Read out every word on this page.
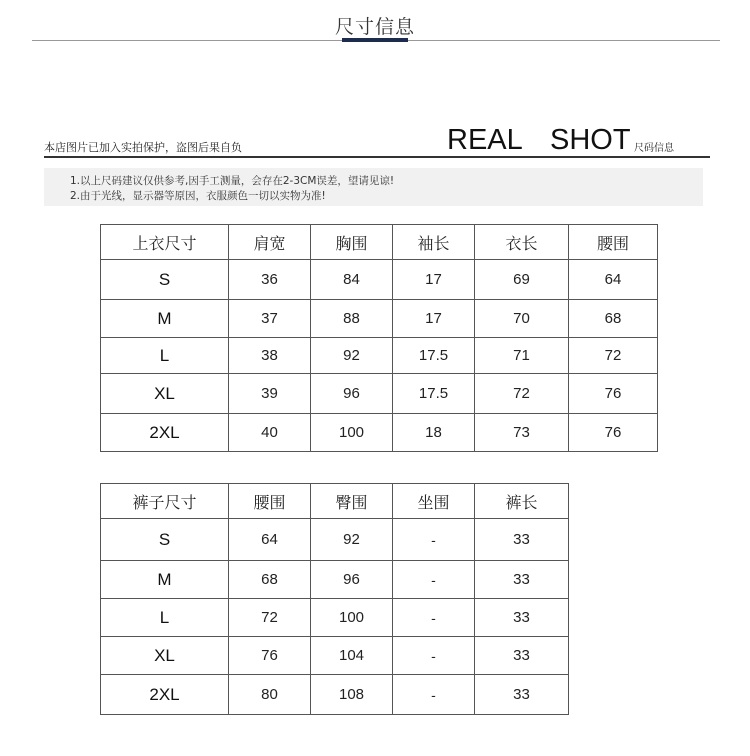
尺寸信息
本店图片已加入实拍保护，盗图后果自负	REAL SHOT 尺码信息
1.以上尺码建议仅供参考,因手工测量，会存在2-3CM误差，望请见谅!
2.由于光线，显示器等原因，衣服颜色一切以实物为准!
上衣尺寸	肩宽	胸围	袖长	衣长	腰围
S	36	84	17	69	64
M	37	88	17	70	68
L	38	92	17.5	71	72
XL	39	96	17.5	72	76
2XL	40	100	18	73	76
裤子尺寸	腰围	臀围	坐围	裤长
S	64	92	-	33
M	68	96	-	33
L	72	100	-	33
XL	76	104	-	33
2XL	80	108	-	33
